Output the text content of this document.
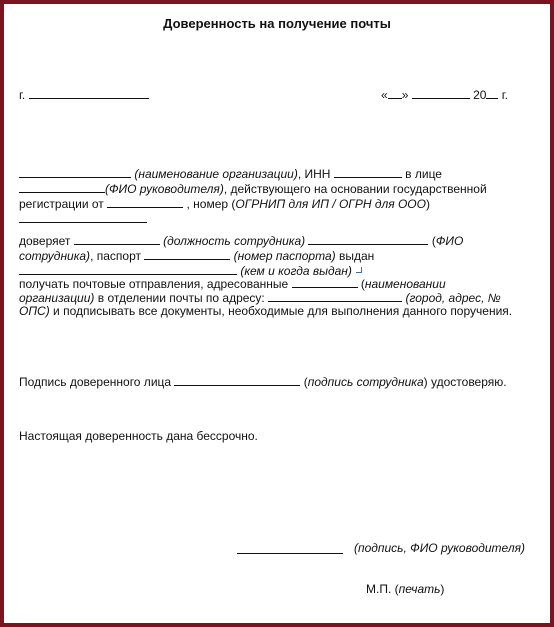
Доверенность на получение почты
г.	« »	20 г.
(наименование организации), ИНН	в лице
(ФИО руководителя), действующего на основании государственной
регистрации от	, номер (ОГРНИП для ИП / ОГРН для ООО)
доверяет	(должность сотрудника)	(ФИО
сотрудника), паспорт	(номер паспорта) выдан
(кем и когда выдан)
получать почтовые отправления, адресованные	(наименовании
организации) в отделении почты по адресу:	(город, адрес, №
ОПС) и подписывать все документы, необходимые для выполнения данного поручения.
Подпись доверенного лица	(подпись сотрудника) удостоверяю.
Настоящая доверенность дана бессрочно.
(подпись, ФИО руководителя)
М.П. (печать)
